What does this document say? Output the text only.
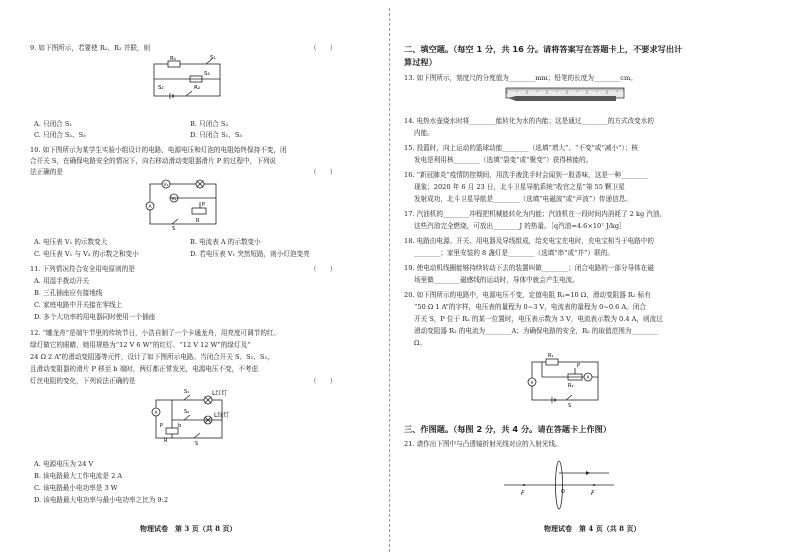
9. 如下图所示，若要使 R₁、R₂ 并联，则	（　　）
R₁	S₁
S₃
R₂
S₂
A. 只闭合 S₁	B. 只闭合 S₂
C. 只闭合 S₂、S₃	D. 只闭合 S₁、S₃
10. 如下图所示为某学生实验小组设计的电路，电源电压和灯泡的电阻始终保持不变，闭
合开关 S，在确保电路安全的情况下，向右移动滑动变阻器滑片 P 的过程中，下列说
法正确的是	（　　）
V₁
V₂
A
R
P
S
A. 电压表 V₁ 的示数变大	B. 电流表 A 的示数变小
C. 电压表 V₁ 与 V₂ 的示数之和变小	D. 若电压表 V₁ 突然短路，则小灯泡变亮
11. 下列情况符合安全用电原则的是	（　　）
A. 用湿手拨动开关
B. 三孔插座应有接地线
C. 家庭电路中开关接在零线上
D. 多个大功率的用电器同时使用一个插座
12. “雕龙舟”是端午节里的传统节日，小浩自制了一个卡通龙舟，用亮度可调节的红、
绿灯做它的眼睛，她用规格为“12 V 6 W”的红灯、“12 V 12 W”的绿灯及“
24 Ω 2 A”的滑动变阻器等元件，设计了如下图所示电路。当闭合开关 S、S₁、S₂，
且滑动变阻器的滑片 P 移至 b 端时，两灯都正常发光，电源电压不变，不考虑
灯丝电阻的变化，下列说法正确的是	（　　）
A
L红灯
L绿灯
S₁
S₂
R
b
P
S
A. 电源电压为 24 V
B. 该电路最大工作电流是 2 A
C. 该电路最小电功率是 3 W
D. 该电路最大电功率与最小电功率之比为 9:2
物理试卷　第 3 页（共 8 页）
二、填空题。（每空 1 分，共 16 分。请将答案写在答题卡上，不要求写出计
算过程）
13. 如下图所示，刻度尺的分度值为________mm；铅笔的长度为________cm。
14. 电热水壶烧水时将________能转化为水的内能；这是通过________的方式改变水的
内能。
15. 投篮时，向上运动的篮球动能________（选填“增大”、“不变”或“减小”）；核
发电是利用核________（选填“裂变”或“聚变”）获得核能的。
16. “新冠肺炎”疫情防控期间，用洗手液洗手时会闻到一股香味，这是一种________
现象；2020 年 6 月 23 日，北斗卫星导航系统“收官之星”第 55 颗卫星
发射成功，北斗卫星导航是________（选填“电磁波”或“声波”）传递信息。
17. 汽油机的________冲程把机械能转化为内能；汽油机在一段时间内消耗了 2 kg 汽油，
这些汽油完全燃烧，可放出________J 的热量。［q汽油=4.6×10⁷ J/kg］
18. 电路由电源、开关、用电器及导线组成，给充电宝充电时，充电宝相当于电路中的
________；家里安装的 8 盏灯是________（选填“串”或“并”）联的。
19. 使电动机线圈能够持续转动下去的装置叫做________；闭合电路的一部分导体在磁
场里做________磁感线的运动时，导体中就会产生电流。
20. 如下图所示的电路中，电源电压不变，定值电阻 R₁=10 Ω，滑动变阻器 R₂ 标有
“50 Ω 1 A”的字样，电压表的量程为 0~3 V，电流表的量程为 0~0.6 A。闭合
开关 S，P 位于 R₂ 的某一位置时，电压表示数为 3 V，电流表示数为 0.4 A，则流过
滑动变阻器 R₂ 的电流为________A；为确保电路的安全，R₂ 的取值范围为________
Ω。
V
R₁
R₂
P
A
S
三、作图题。（每图 2 分，共 4 分。请在答题卡上作图）
21. 请作出下图中与凸透镜折射光线对应的入射光线。
F	F
O
物理试卷　第 4 页（共 8 页）
